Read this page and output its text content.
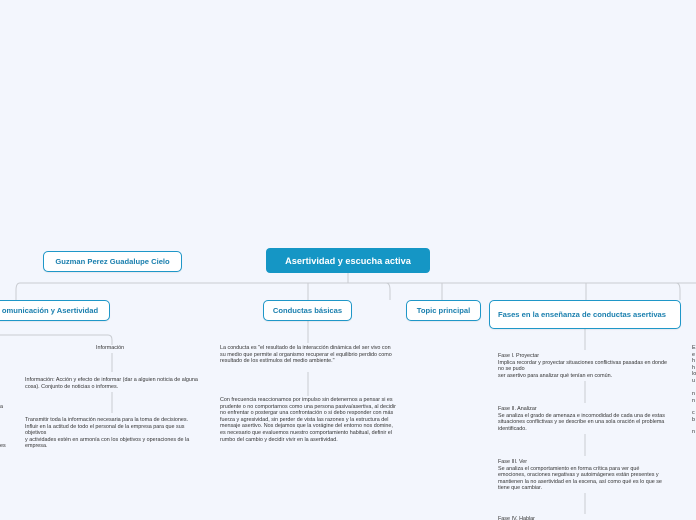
Asertividad y escucha activa
Guzman Perez Guadalupe Cielo
omunicación y Asertividad	Conductas básicas	Topic principal	Fases en la enseñanza de conductas asertivas
Información
Información: Acción y efecto de informar (dar a alguien noticia de alguna cosa). Conjunto de noticias o informes.
Transmitir toda la información necesaria para la toma de decisiones.
Influir en la actitud de todo el personal de la empresa para que sus objetivos
y actividades estén en armonía con los objetivos y operaciones de la empresa.
a
es
La conducta es "el resultado de la interacción dinámica del ser vivo con su medio que permite al organismo recuperar el equilibrio perdido como resultado de los estímulos del medio ambiente."
Con frecuencia reaccionamos por impulso sin detenernos a pensar si es prudente o no comportarnos como una persona pasiva/asertiva, al decidir no enfrentar o postergar una confrontación o si debo responder con más fuerza y agresividad, sin perder de vista las razones y la estructura del mensaje asertivo. Nos dejamos que la vorágine del entorno nos domine, es necesario que evaluemos nuestro comportamiento habitual, definir el rumbo del cambio y decidir vivir en la asertividad.
Fase I. Proyectar
Implica recordar y proyectar situaciones conflictivas pasadas en donde no se pudo
ser asertivo para analizar qué tenían en común.
Fase II. Analizar
Se analiza el grado de amenaza e incomodidad de cada una de estas situaciones conflictivas y se describe en una sola oración el problema identificado.
Fase III. Ver
Se analiza el comportamiento en forma crítica para ver qué emociones, oraciones negativas y autoimágenes están presentes y mantienen la no asertividad en la escena, así como qué es lo que se tiene que cambiar.
Fase IV. Hablar
E
e
h
h
lo
u
n
n
c
b
n
